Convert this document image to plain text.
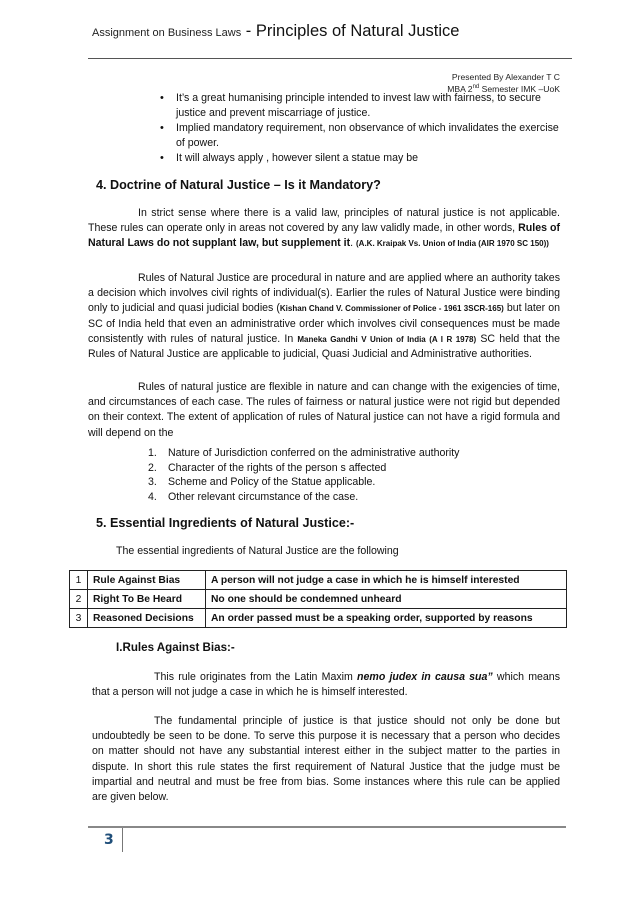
Assignment on Business Laws - Principles of Natural Justice
Presented By Alexander T C
MBA 2nd Semester IMK –UoK
• It’s a great humanising principle intended to invest law with fairness, to secure justice and prevent miscarriage of justice.
• Implied mandatory requirement, non observance of which invalidates the exercise of power.
• It will always apply , however silent a statue may be
4. Doctrine of Natural Justice – Is it Mandatory?

In strict sense where there is a valid law, principles of natural justice is not applicable. These rules can operate only in areas not covered by any law validly made, in other words, Rules of Natural Laws do not supplant law, but supplement it. (A.K. Kraipak Vs. Union of India (AIR 1970 SC 150))

Rules of Natural Justice are procedural in nature and are applied where an authority takes a decision which involves civil rights of individual(s). Earlier the rules of Natural Justice were binding only to judicial and quasi judicial bodies (Kishan Chand V. Commissioner of Police - 1961 3SCR-165) but later on SC of India held that even an administrative order which involves civil consequences must be made consistently with rules of natural justice. In Maneka Gandhi V Union of India (A I R 1978) SC held that the Rules of Natural Justice are applicable to judicial, Quasi Judicial and Administrative authorities.

Rules of natural justice are flexible in nature and can change with the exigencies of time, and circumstances of each case. The rules of fairness or natural justice were not rigid but depended on their context. The extent of application of rules of Natural justice can not have a rigid formula and will depend on the

1.	Nature of Jurisdiction conferred on the administrative authority
2.	Character of the rights of the person s affected
3.	Scheme and Policy of the Statue applicable.
4.	Other relevant circumstance of the case.
5. Essential Ingredients of Natural Justice:-
The essential ingredients of Natural Justice are the following
1	Rule Against Bias	A person will not judge a case in which he is himself interested
2	Right To Be Heard	No one should be condemned unheard
3	Reasoned Decisions	An order passed must be a speaking order, supported by reasons
I.Rules Against Bias:-

This rule originates from the Latin Maxim nemo judex in causa sua” which means that a person will not judge a case in which he is himself interested.

The fundamental principle of justice is that justice should not only be done but undoubtedly be seen to be done. To serve this purpose it is necessary that a person who decides on matter should not have any substantial interest either in the subject matter to the parties in dispute. In short this rule states the first requirement of Natural Justice that the judge must be impartial and neutral and must be free from bias. Some instances where this rule can be applied are given below.

3
